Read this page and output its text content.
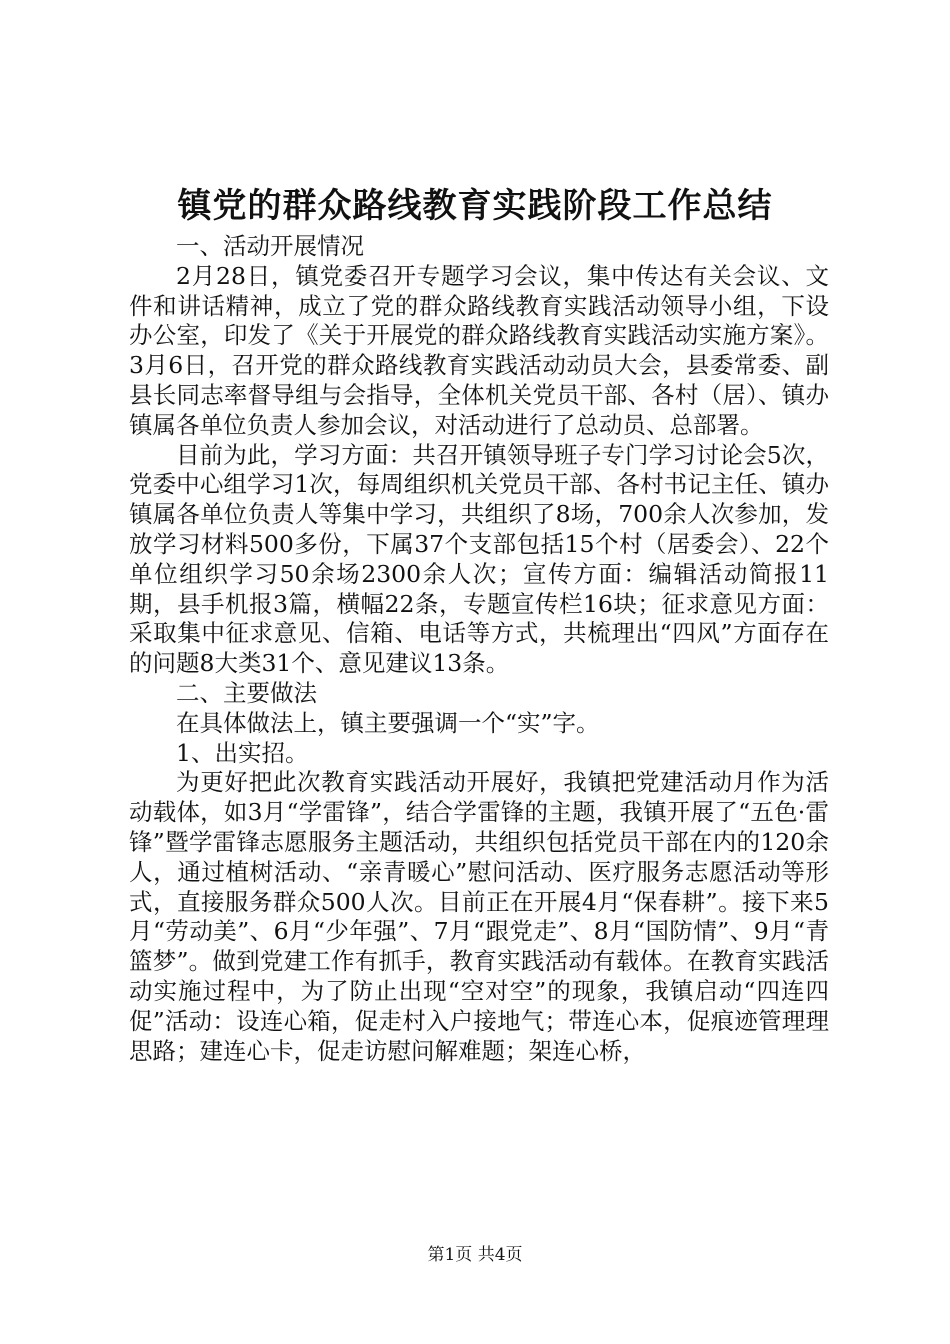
镇党的群众路线教育实践阶段工作总结

一、活动开展情况

2月28日，镇党委召开专题学习会议，集中传达有关会议、文件和讲话精神，成立了党的群众路线教育实践活动领导小组，下设办公室，印发了《关于开展党的群众路线教育实践活动实施方案》。3月6日，召开党的群众路线教育实践活动动员大会，县委常委、副县长同志率督导组与会指导，全体机关党员干部、各村（居）、镇办镇属各单位负责人参加会议，对活动进行了总动员、总部署。

目前为此，学习方面：共召开镇领导班子专门学习讨论会5次，党委中心组学习1次，每周组织机关党员干部、各村书记主任、镇办镇属各单位负责人等集中学习，共组织了8场，700余人次参加，发放学习材料500多份，下属37个支部包括15个村（居委会）、22个单位组织学习50余场2300余人次；宣传方面：编辑活动简报11期，县手机报3篇，横幅22条，专题宣传栏16块；征求意见方面：采取集中征求意见、信箱、电话等方式，共梳理出“四风”方面存在的问题8大类31个、意见建议13条。

二、主要做法

在具体做法上，镇主要强调一个“实”字。

1、出实招。

为更好把此次教育实践活动开展好，我镇把党建活动月作为活动载体，如3月“学雷锋”，结合学雷锋的主题，我镇开展了“五色·雷锋”暨学雷锋志愿服务主题活动，共组织包括党员干部在内的120余人，通过植树活动、“亲青暖心”慰问活动、医疗服务志愿活动等形式，直接服务群众500人次。目前正在开展4月“保春耕”。接下来5月“劳动美”、6月“少年强”、7月“跟党走”、8月“国防情”、9月“青篮梦”。做到党建工作有抓手，教育实践活动有载体。在教育实践活动实施过程中，为了防止出现“空对空”的现象，我镇启动“四连四促”活动：设连心箱，促走村入户接地气；带连心本，促痕迹管理理思路；建连心卡，促走访慰问解难题；架连心桥，

第1页 共4页
